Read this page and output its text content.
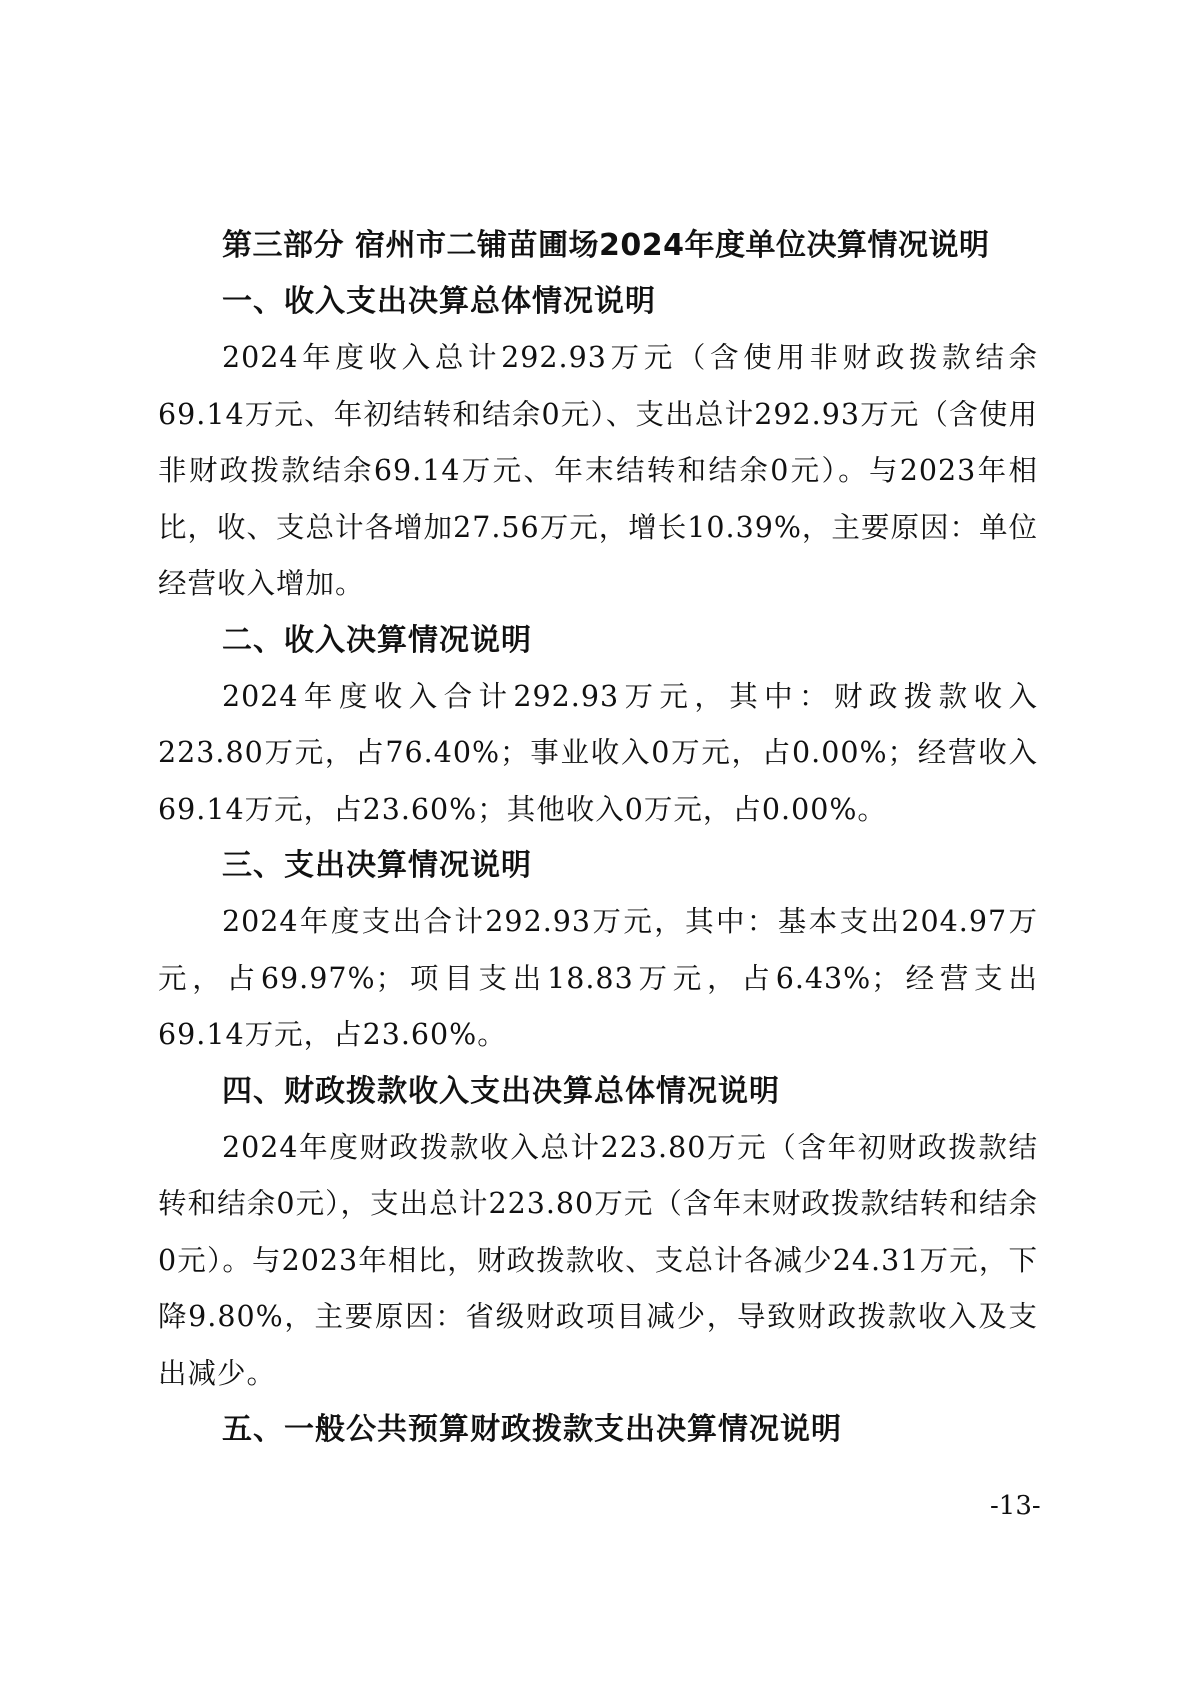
第三部分 宿州市二铺苗圃场2024年度单位决算情况说明
一、收入支出决算总体情况说明

2024年度收入总计292.93万元（含使用非财政拨款结余69.14万元、年初结转和结余0元）、支出总计292.93万元（含使用非财政拨款结余69.14万元、年末结转和结余0元）。与2023年相比，收、支总计各增加27.56万元，增长10.39%，主要原因：单位经营收入增加。

二、收入决算情况说明

2024年度收入合计292.93万元，其中：财政拨款收入223.80万元，占76.40%；事业收入0万元，占0.00%；经营收入69.14万元，占23.60%；其他收入0万元，占0.00%。

三、支出决算情况说明

2024年度支出合计292.93万元，其中：基本支出204.97万元，占69.97%；项目支出18.83万元，占6.43%；经营支出69.14万元，占23.60%。

四、财政拨款收入支出决算总体情况说明

2024年度财政拨款收入总计223.80万元（含年初财政拨款结转和结余0元），支出总计223.80万元（含年末财政拨款结转和结余0元）。与2023年相比，财政拨款收、支总计各减少24.31万元，下降9.80%，主要原因：省级财政项目减少，导致财政拨款收入及支出减少。

五、一般公共预算财政拨款支出决算情况说明
-13-
